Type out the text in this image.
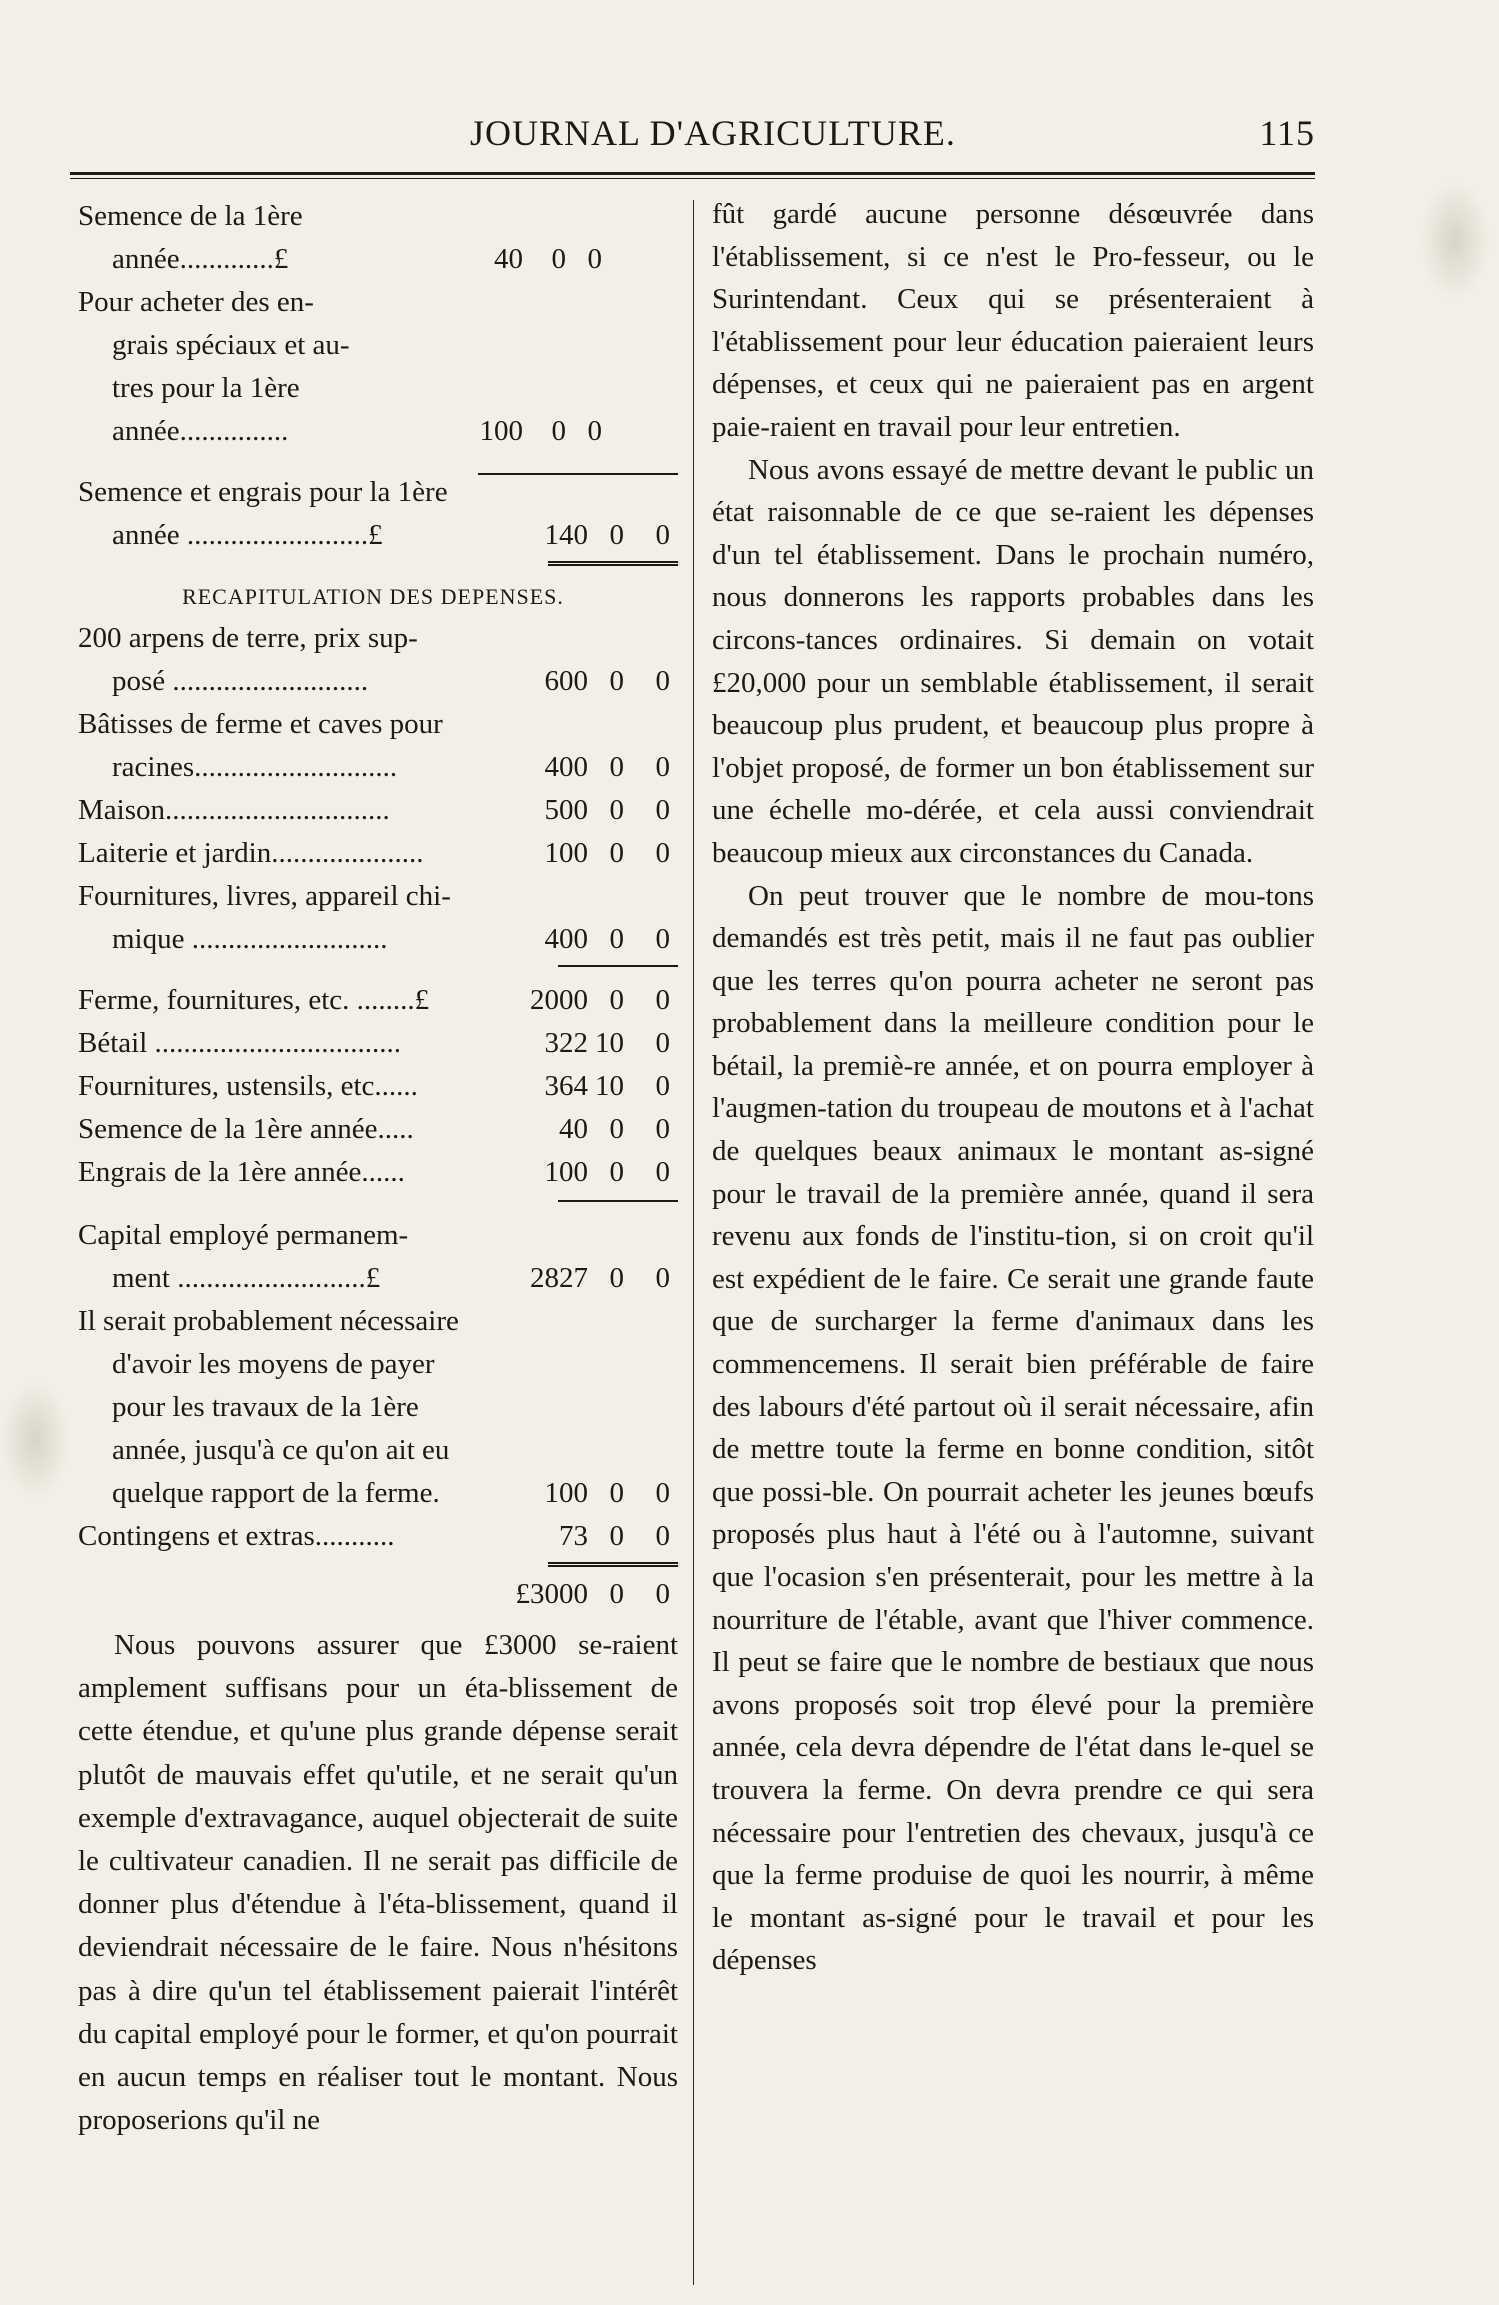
JOURNAL D'AGRICULTURE.	115
Semence de la 1ère
année.............£	40 0 0
Pour acheter des en-
grais spéciaux et au-
tres pour la 1ère
année...............	100 0 0
Semence et engrais pour la 1ère
année .........................£	140 0	0
RECAPITULATION DES DEPENSES.
200 arpens de terre, prix sup-
posé ...........................	600 0	0
Bâtisses de ferme et caves pour
racines............................	400 0	0
Maison...............................	500 0	0
Laiterie et jardin.....................	100 0	0
Fournitures, livres, appareil chi-
mique ...........................	400 0	0
Ferme, fournitures, etc. ........£	2000 0	0
Bétail ..................................	322 10	0
Fournitures, ustensils, etc......	364 10	0
Semence de la 1ère année.....	40 0	0
Engrais de la 1ère année......	100 0	0
Capital employé permanem-
ment ..........................£	2827 0	0
Il serait probablement nécessaire
d'avoir les moyens de payer
pour les travaux de la 1ère
année, jusqu'à ce qu'on ait eu
quelque rapport de la ferme.	100 0	0
Contingens et extras...........	73 0	0
£3000 0	0

Nous pouvons assurer que £3000 se-raient amplement suffisans pour un éta-blissement de cette étendue, et qu'une plus grande dépense serait plutôt de mauvais effet qu'utile, et ne serait qu'un exemple d'extravagance, auquel objecterait de suite le cultivateur canadien. Il ne serait pas difficile de donner plus d'étendue à l'éta-blissement, quand il deviendrait nécessaire de le faire. Nous n'hésitons pas à dire qu'un tel établissement paierait l'intérêt du capital employé pour le former, et qu'on pourrait en aucun temps en réaliser tout le montant. Nous proposerions qu'il ne

fût gardé aucune personne désœuvrée dans l'établissement, si ce n'est le Pro-fesseur, ou le Surintendant. Ceux qui se présenteraient à l'établissement pour leur éducation paieraient leurs dépenses, et ceux qui ne paieraient pas en argent paie-raient en travail pour leur entretien.

Nous avons essayé de mettre devant le public un état raisonnable de ce que se-raient les dépenses d'un tel établissement. Dans le prochain numéro, nous donnerons les rapports probables dans les circons-tances ordinaires. Si demain on votait £20,000 pour un semblable établissement, il serait beaucoup plus prudent, et beaucoup plus propre à l'objet proposé, de former un bon établissement sur une échelle mo-dérée, et cela aussi conviendrait beaucoup mieux aux circonstances du Canada.

On peut trouver que le nombre de mou-tons demandés est très petit, mais il ne faut pas oublier que les terres qu'on pourra acheter ne seront pas probablement dans la meilleure condition pour le bétail, la premiè-re année, et on pourra employer à l'augmen-tation du troupeau de moutons et à l'achat de quelques beaux animaux le montant as-signé pour le travail de la première année, quand il sera revenu aux fonds de l'institu-tion, si on croit qu'il est expédient de le faire. Ce serait une grande faute que de surcharger la ferme d'animaux dans les commencemens. Il serait bien préférable de faire des labours d'été partout où il serait nécessaire, afin de mettre toute la ferme en bonne condition, sitôt que possi-ble. On pourrait acheter les jeunes bœufs proposés plus haut à l'été ou à l'automne, suivant que l'ocasion s'en présenterait, pour les mettre à la nourriture de l'étable, avant que l'hiver commence. Il peut se faire que le nombre de bestiaux que nous avons proposés soit trop élevé pour la première année, cela devra dépendre de l'état dans le-quel se trouvera la ferme. On devra prendre ce qui sera nécessaire pour l'entretien des chevaux, jusqu'à ce que la ferme produise de quoi les nourrir, à même le montant as-signé pour le travail et pour les dépenses
